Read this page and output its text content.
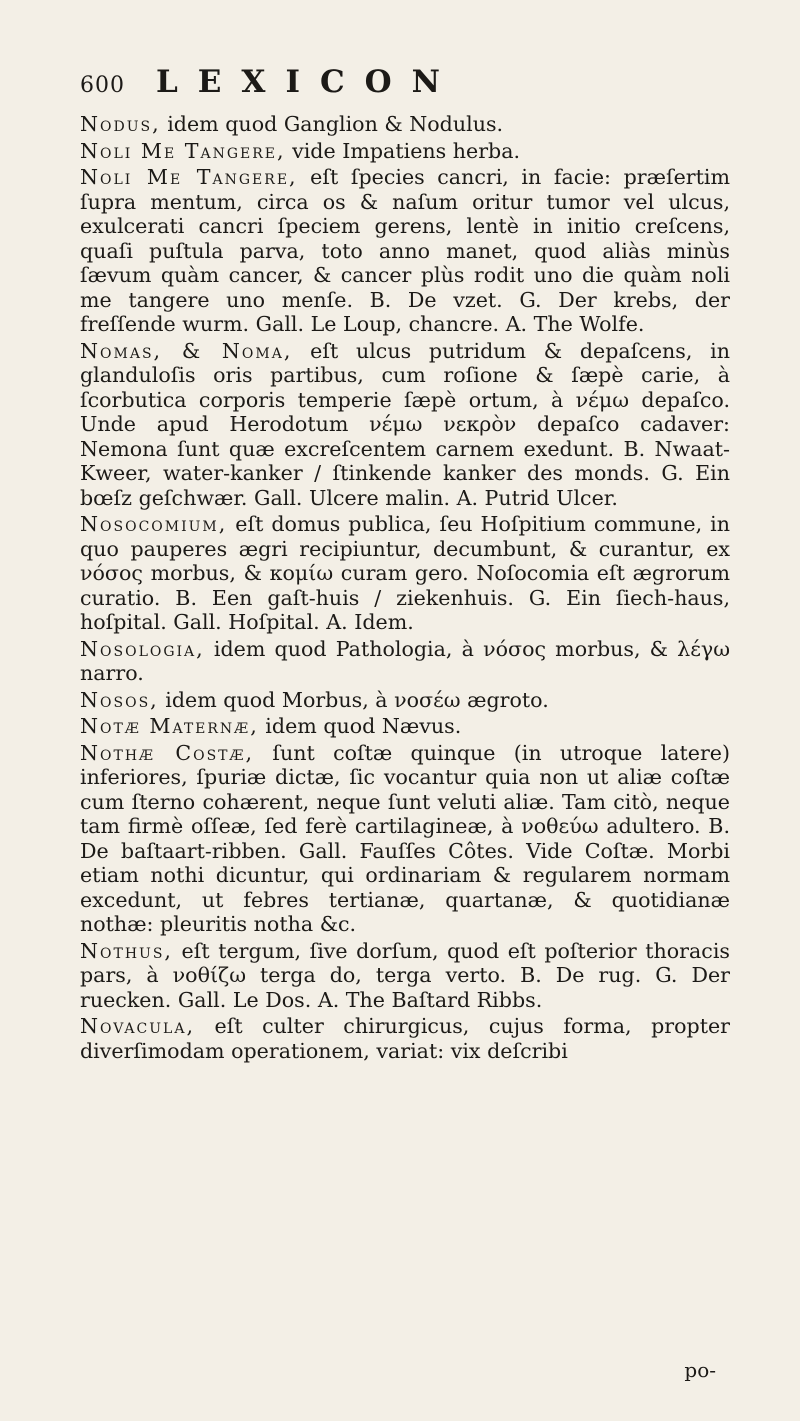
600	LEXICON

Nodus, idem quod Ganglion & Nodulus.

Noli Me Tangere, vide Impatiens herba.

Noli Me Tangere, eſt ſpecies cancri, in facie: præſertim ſupra mentum, circa os & naſum oritur tumor vel ulcus, exulcerati cancri ſpeciem gerens, lentè in initio creſcens, quaſi puſtula parva, toto anno manet, quod aliàs minùs ſævum quàm cancer, & cancer plùs rodit uno die quàm noli me tangere uno menſe. B. De vzet. G. Der krebs, der freſſende wurm. Gall. Le Loup, chancre. A. The Wolfe.

Nomas, & Noma, eſt ulcus putridum & depaſcens, in glandulоſis oris partibus, cum roſione & ſæpè carie, à ſcorbutica corporis temperie ſæpè ortum, à νέμω depaſco. Unde apud Herodotum νέμω νεκρὸν depaſco cadaver: Nemona ſunt quæ excreſcentem carnem exedunt. B. Nwaat-Kweer, water-kanker / ſtinkende kanker des monds. G. Ein bœſz geſchwær. Gall. Ulcere malin. A. Putrid Ulcer.

Nosocomium, eſt domus publica, ſeu Hoſpitium commune, in quo pauperes ægri recipiuntur, decumbunt, & curantur, ex νόσος morbus, & κομίω curam gero. Noſocomia eſt ægrorum curatio. B. Een gaſt-huis / ziekenhuis. G. Ein ſiech-haus, hoſpital. Gall. Hoſpital. A. Idem.

Nosologia, idem quod Pathologia, à νόσος morbus, & λέγω narro.

Nosos, idem quod Morbus, à νοσέω ægroto.

Notæ Maternæ, idem quod Nævus.

Nothæ Costæ, ſunt coſtæ quinque (in utroque latere) inferiores, ſpuriæ dictæ, ſic vocantur quia non ut aliæ coſtæ cum ſterno cohærent, neque ſunt veluti aliæ. Tam citò, neque tam firmè oſſeæ, ſed ferè cartilagineæ, à νοθεύω adultero. B. De baſtaart-ribben. Gall. Fauſſes Côtes. Vide Coſtæ. Morbi etiam nothi dicuntur, qui ordinariam & regularem normam excedunt, ut febres tertianæ, quartanæ, & quotidianæ nothæ: pleuritis notha &c.

Nothus, eſt tergum, ſive dorſum, quod eſt poſterior thoracis pars, à νοθίζω terga do, terga verto. B. De rug. G. Der ruecken. Gall. Le Dos. A. The Baſtard Ribbs.

Novacula, eſt culter chirurgicus, cujus forma, propter diverſimodam operationem, variat: vix deſcribi

po-
